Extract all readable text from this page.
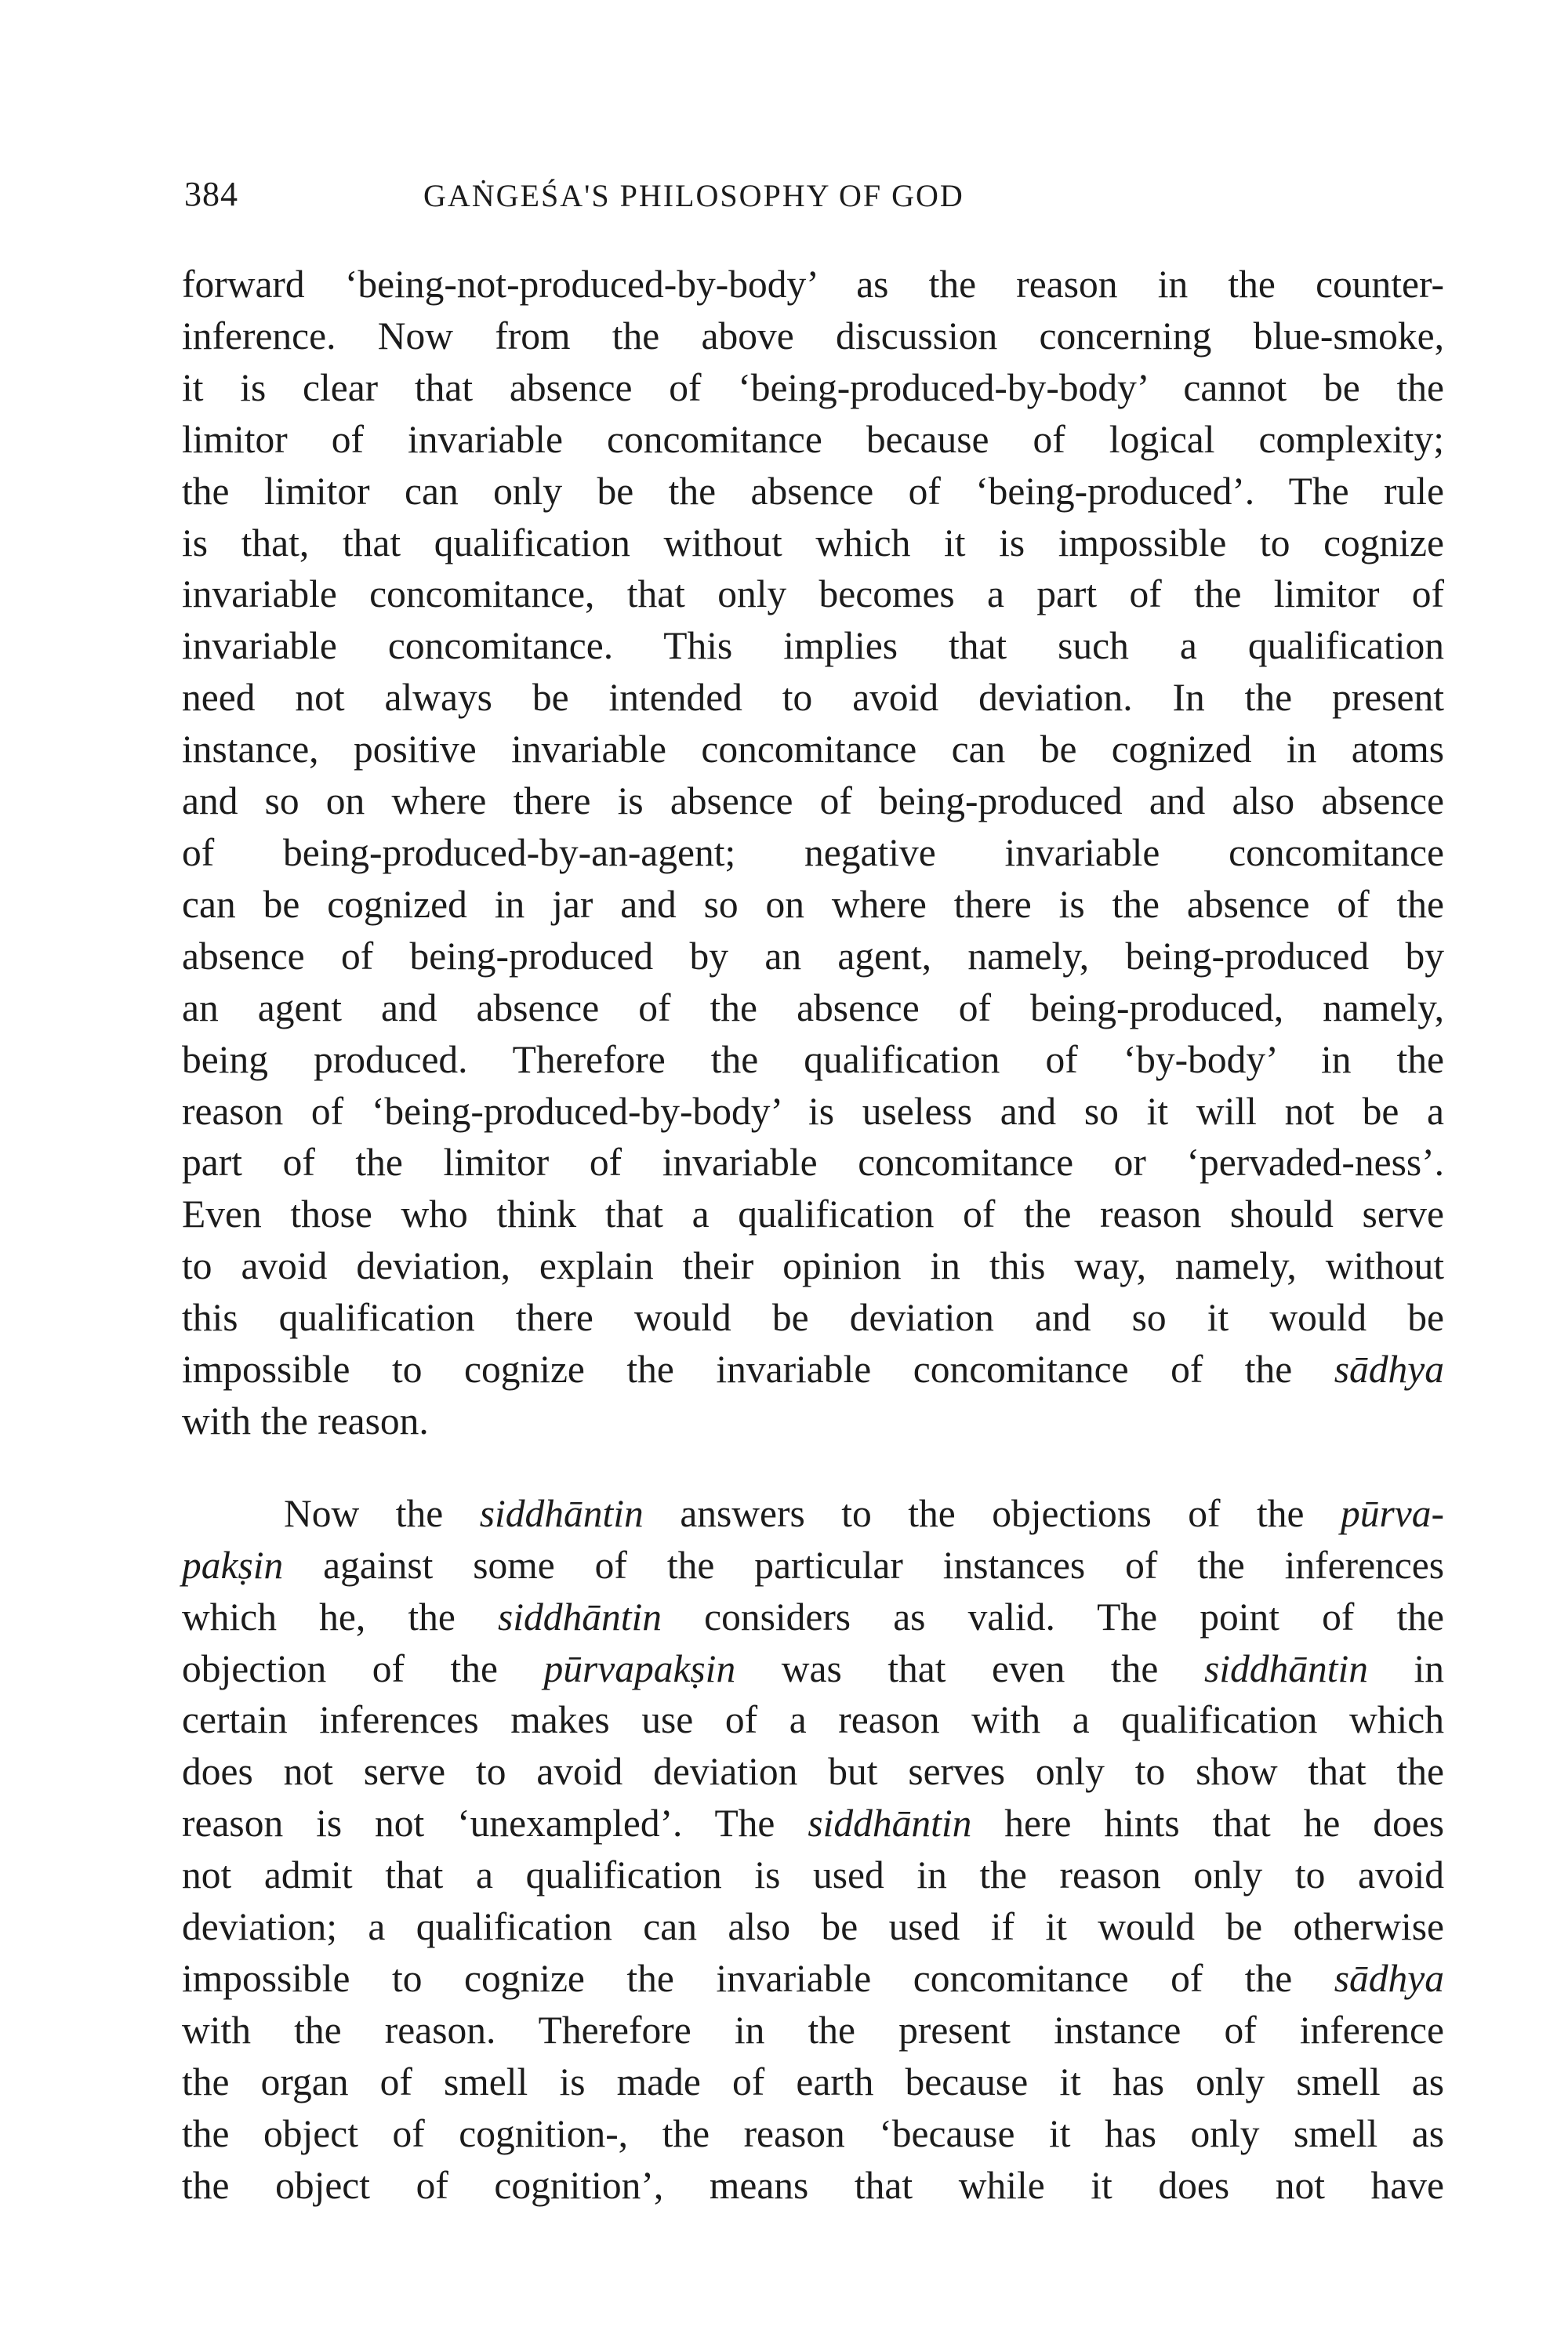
384	GAṄGEŚA'S PHILOSOPHY OF GOD
forward ‘being-not-produced-by-body’ as the reason in the counter-
inference. Now from the above discussion concerning blue-smoke,
it is clear that absence of ‘being-produced-by-body’ cannot be the
limitor of invariable concomitance because of logical complexity;
the limitor can only be the absence of ‘being-produced’. The rule
is that, that qualification without which it is impossible to cognize
invariable concomitance, that only becomes a part of the limitor of
invariable concomitance. This implies that such a qualification
need not always be intended to avoid deviation. In the present
instance, positive invariable concomitance can be cognized in atoms
and so on where there is absence of being-produced and also absence
of being-produced-by-an-agent; negative invariable concomitance
can be cognized in jar and so on where there is the absence of the
absence of being-produced by an agent, namely, being-produced by
an agent and absence of the absence of being-produced, namely,
being produced. Therefore the qualification of ‘by-body’ in the
reason of ‘being-produced-by-body’ is useless and so it will not be a
part of the limitor of invariable concomitance or ‘pervaded-ness’.
Even those who think that a qualification of the reason should serve
to avoid deviation, explain their opinion in this way, namely, without
this qualification there would be deviation and so it would be
impossible to cognize the invariable concomitance of the sādhya
with the reason.
Now the siddhāntin answers to the objections of the pūrva-
pakṣin against some of the particular instances of the inferences
which he, the siddhāntin considers as valid. The point of the
objection of the pūrvapakṣin was that even the siddhāntin in
certain inferences makes use of a reason with a qualification which
does not serve to avoid deviation but serves only to show that the
reason is not ‘unexampled’. The siddhāntin here hints that he does
not admit that a qualification is used in the reason only to avoid
deviation; a qualification can also be used if it would be otherwise
impossible to cognize the invariable concomitance of the sādhya
with the reason. Therefore in the present instance of inference
the organ of smell is made of earth because it has only smell as
the object of cognition-, the reason ‘because it has only smell as
the object of cognition’, means that while it does not have
